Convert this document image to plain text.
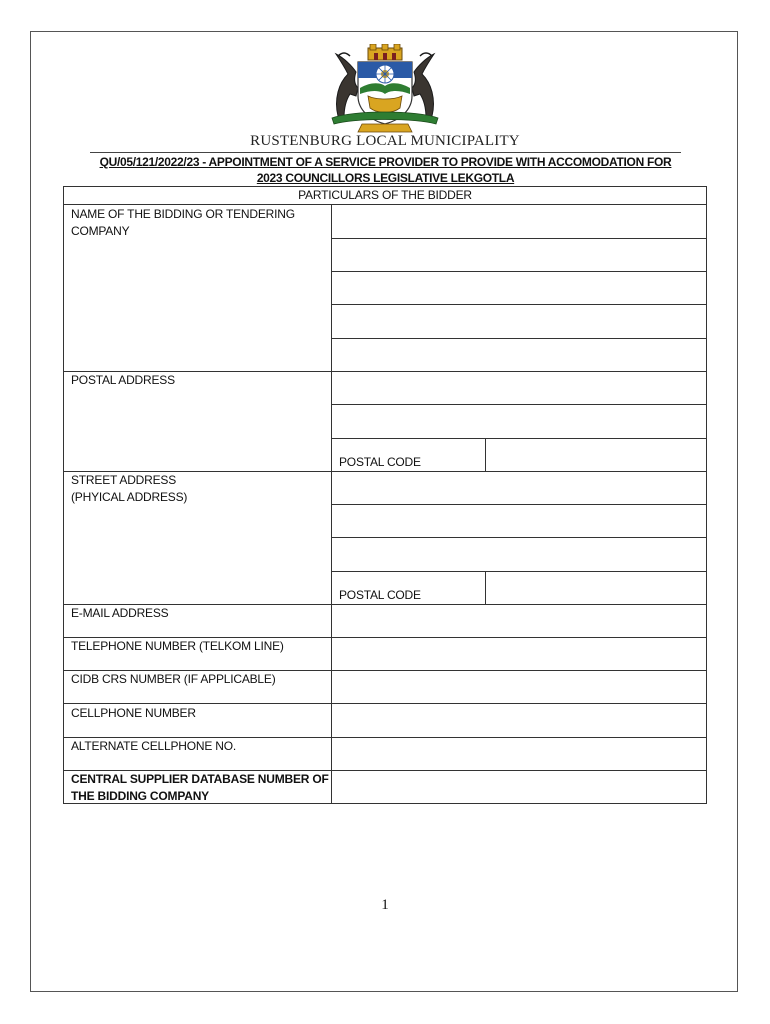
RUSTENBURG LOCAL MUNICIPALITY
QU/05/121/2022/23 - APPOINTMENT OF A SERVICE PROVIDER TO PROVIDE WITH ACCOMODATION FOR
2023 COUNCILLORS LEGISLATIVE LEKGOTLA
PARTICULARS OF THE BIDDER
NAME OF THE BIDDING OR TENDERING
COMPANY
POSTAL ADDRESS
STREET ADDRESS
(PHYICAL ADDRESS)
E-MAIL ADDRESS
TELEPHONE NUMBER (TELKOM LINE)
CIDB CRS NUMBER (IF APPLICABLE)
CELLPHONE NUMBER
ALTERNATE CELLPHONE NO.
CENTRAL SUPPLIER DATABASE NUMBER OF
THE BIDDING COMPANY
POSTAL CODE
POSTAL CODE
1
